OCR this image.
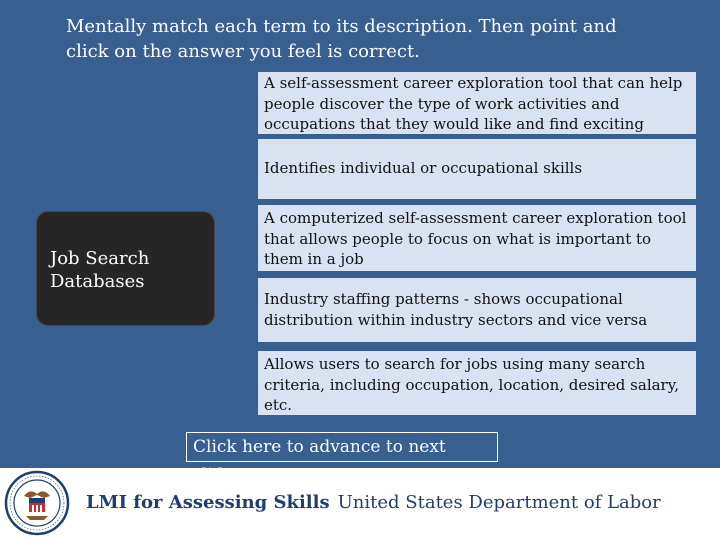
Mentally match each term to its description. Then point and
click on the answer you feel is correct.
Job Search
Databases
A self-assessment career exploration tool that can help people discover the type of work activities and occupations that they would like and find exciting
Identifies individual or occupational skills
A computerized self-assessment career exploration tool that allows people to focus on what is important to them in a job
Industry staffing patterns - shows occupational distribution within industry sectors and vice versa
Allows users to search for jobs using many search criteria, including occupation, location, desired salary, etc.
Click here to advance to next
LMI for Assessing Skills United States Department of Labor
